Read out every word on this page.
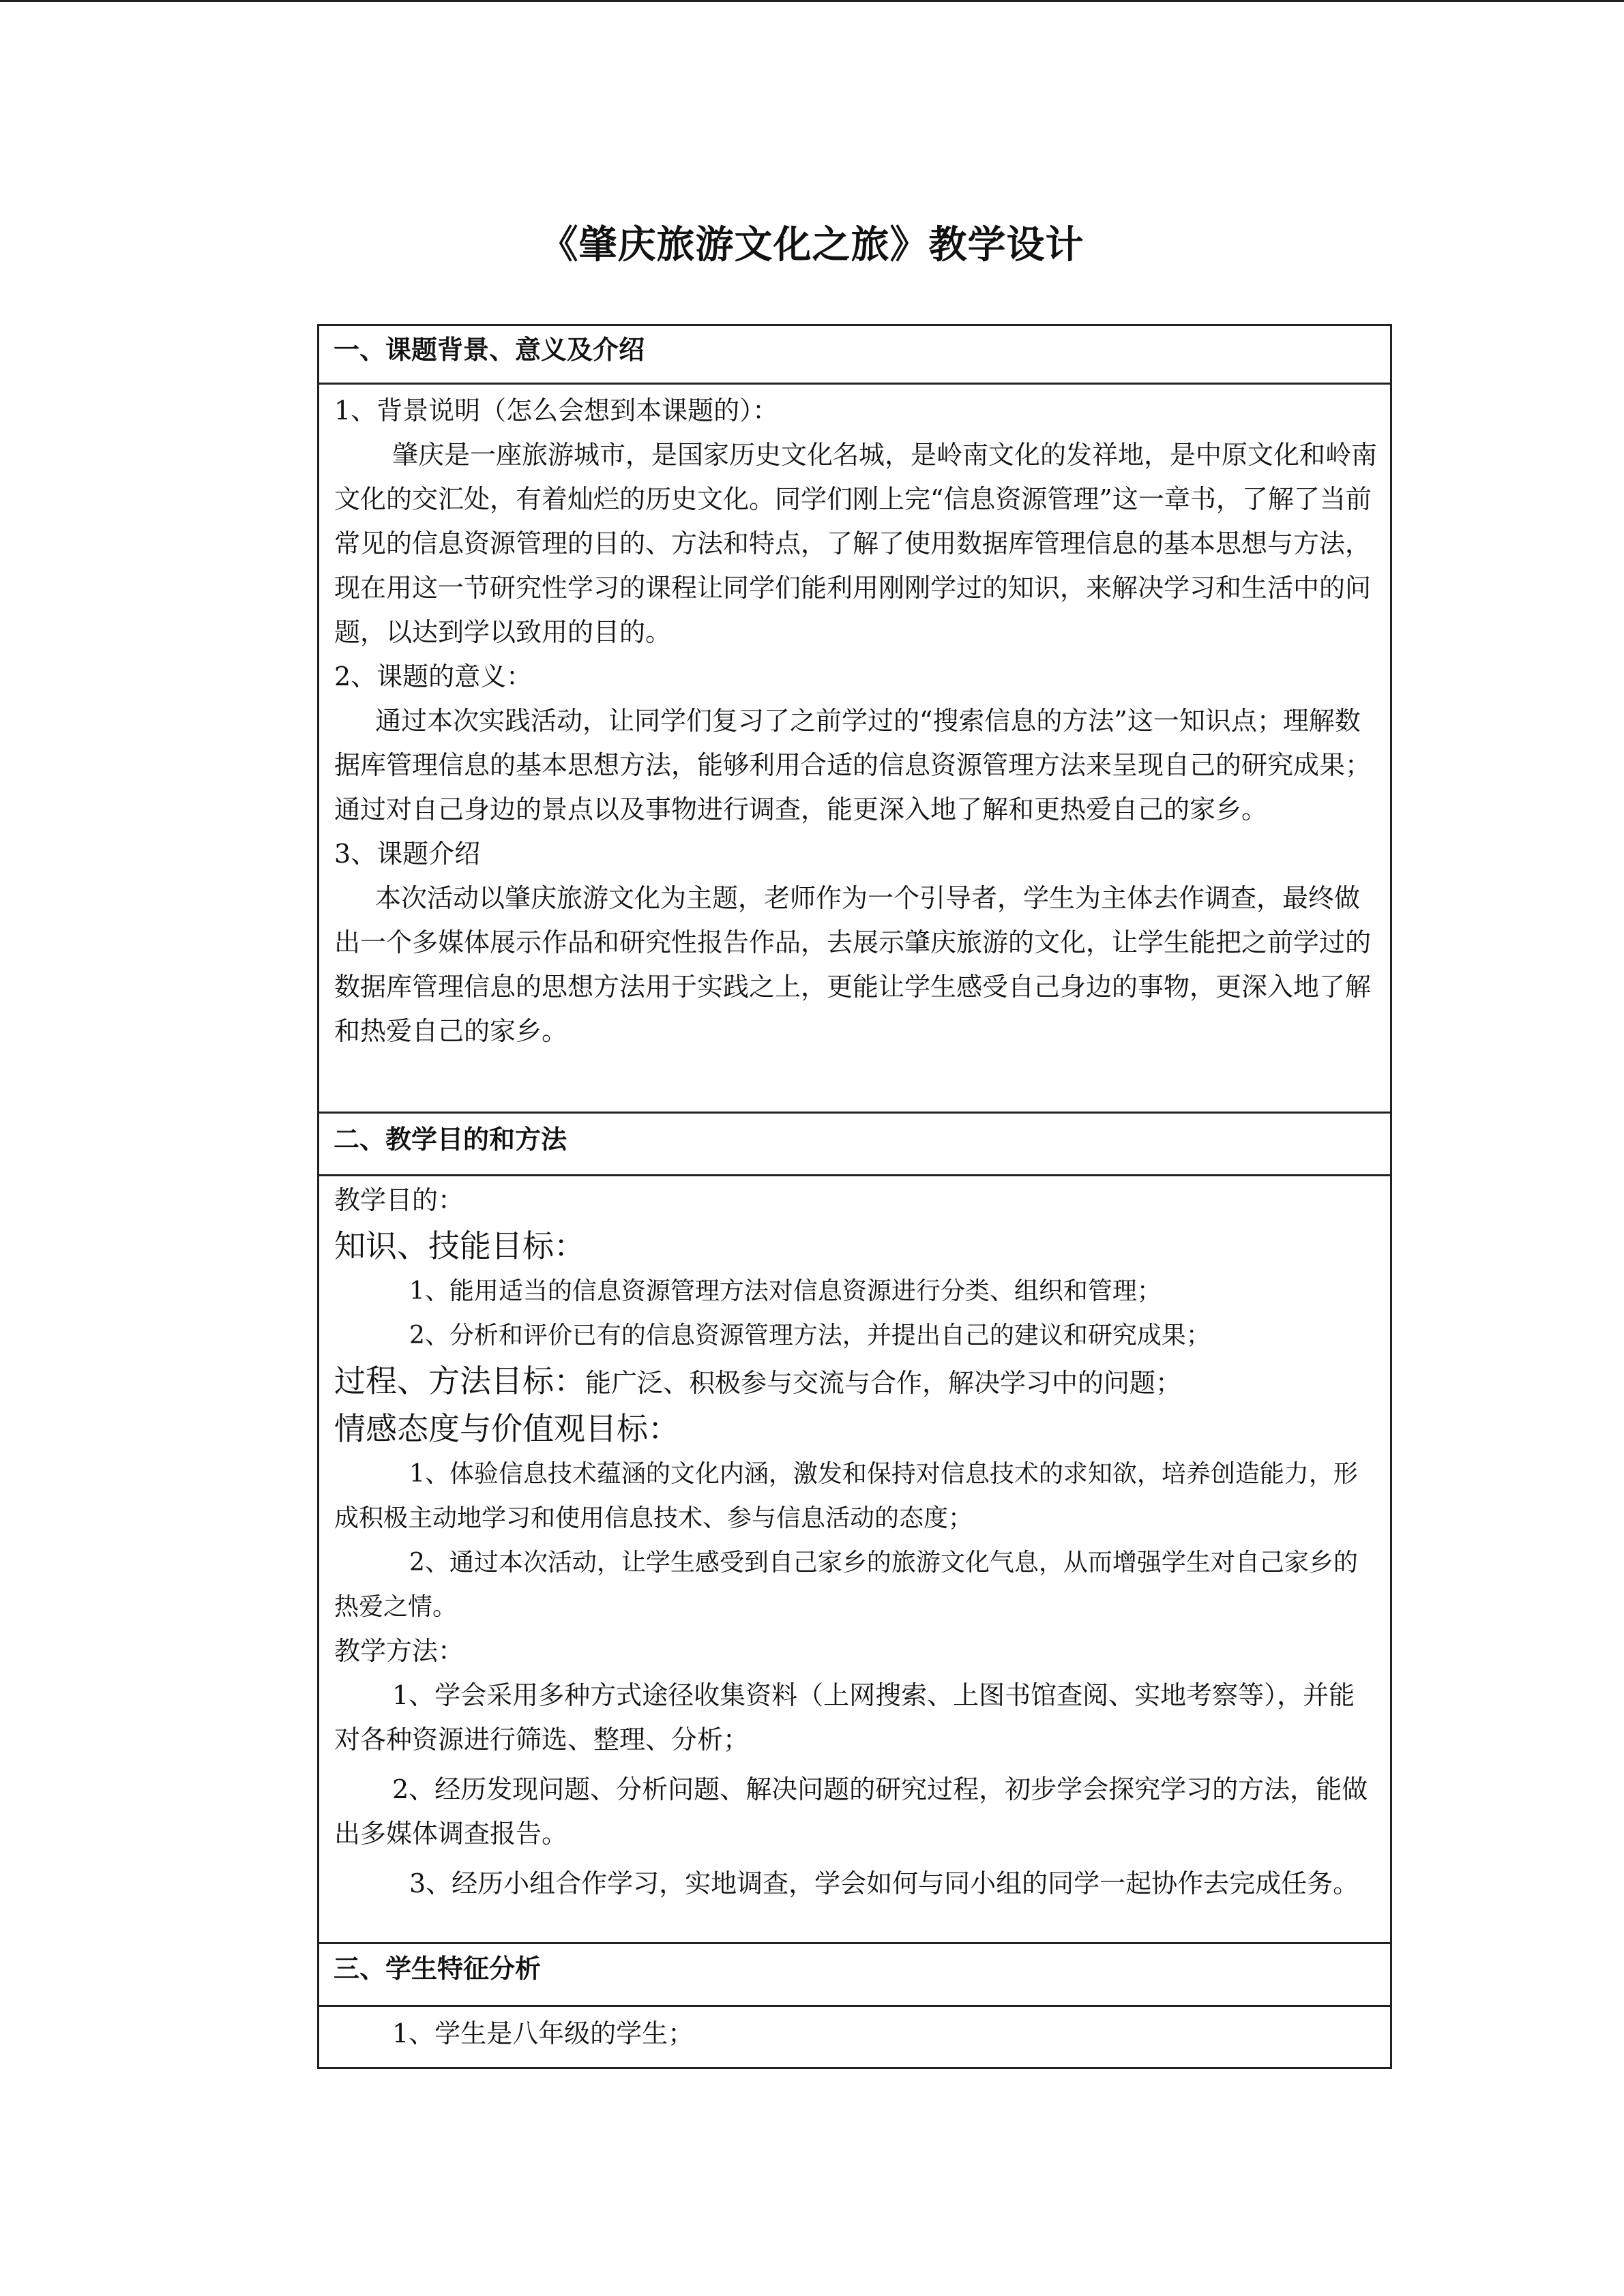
《肇庆旅游文化之旅》教学设计
一、课题背景、意义及介绍

1、背景说明（怎么会想到本课题的）：

肇庆是一座旅游城市，是国家历史文化名城，是岭南文化的发祥地，是中原文化和岭南文化的交汇处，有着灿烂的历史文化。同学们刚上完“信息资源管理”这一章书，了解了当前常见的信息资源管理的目的、方法和特点，了解了使用数据库管理信息的基本思想与方法，现在用这一节研究性学习的课程让同学们能利用刚刚学过的知识，来解决学习和生活中的问题，以达到学以致用的目的。

2、课题的意义：

通过本次实践活动，让同学们复习了之前学过的“搜索信息的方法”这一知识点；理解数据库管理信息的基本思想方法，能够利用合适的信息资源管理方法来呈现自己的研究成果；通过对自己身边的景点以及事物进行调查，能更深入地了解和更热爱自己的家乡。

3、课题介绍

本次活动以肇庆旅游文化为主题，老师作为一个引导者，学生为主体去作调查，最终做出一个多媒体展示作品和研究性报告作品，去展示肇庆旅游的文化，让学生能把之前学过的数据库管理信息的思想方法用于实践之上，更能让学生感受自己身边的事物，更深入地了解和热爱自己的家乡。

二、教学目的和方法

教学目的：

知识、技能目标：

1、能用适当的信息资源管理方法对信息资源进行分类、组织和管理；

2、分析和评价已有的信息资源管理方法，并提出自己的建议和研究成果；

过程、方法目标：能广泛、积极参与交流与合作，解决学习中的问题；

情感态度与价值观目标：

1、体验信息技术蕴涵的文化内涵，激发和保持对信息技术的求知欲，培养创造能力，形成积极主动地学习和使用信息技术、参与信息活动的态度；

2、通过本次活动，让学生感受到自己家乡的旅游文化气息，从而增强学生对自己家乡的热爱之情。

教学方法：

1、学会采用多种方式途径收集资料（上网搜索、上图书馆查阅、实地考察等），并能对各种资源进行筛选、整理、分析；

2、经历发现问题、分析问题、解决问题的研究过程，初步学会探究学习的方法，能做出多媒体调查报告。

3、经历小组合作学习，实地调查，学会如何与同小组的同学一起协作去完成任务。

三、学生特征分析

1、学生是八年级的学生；
